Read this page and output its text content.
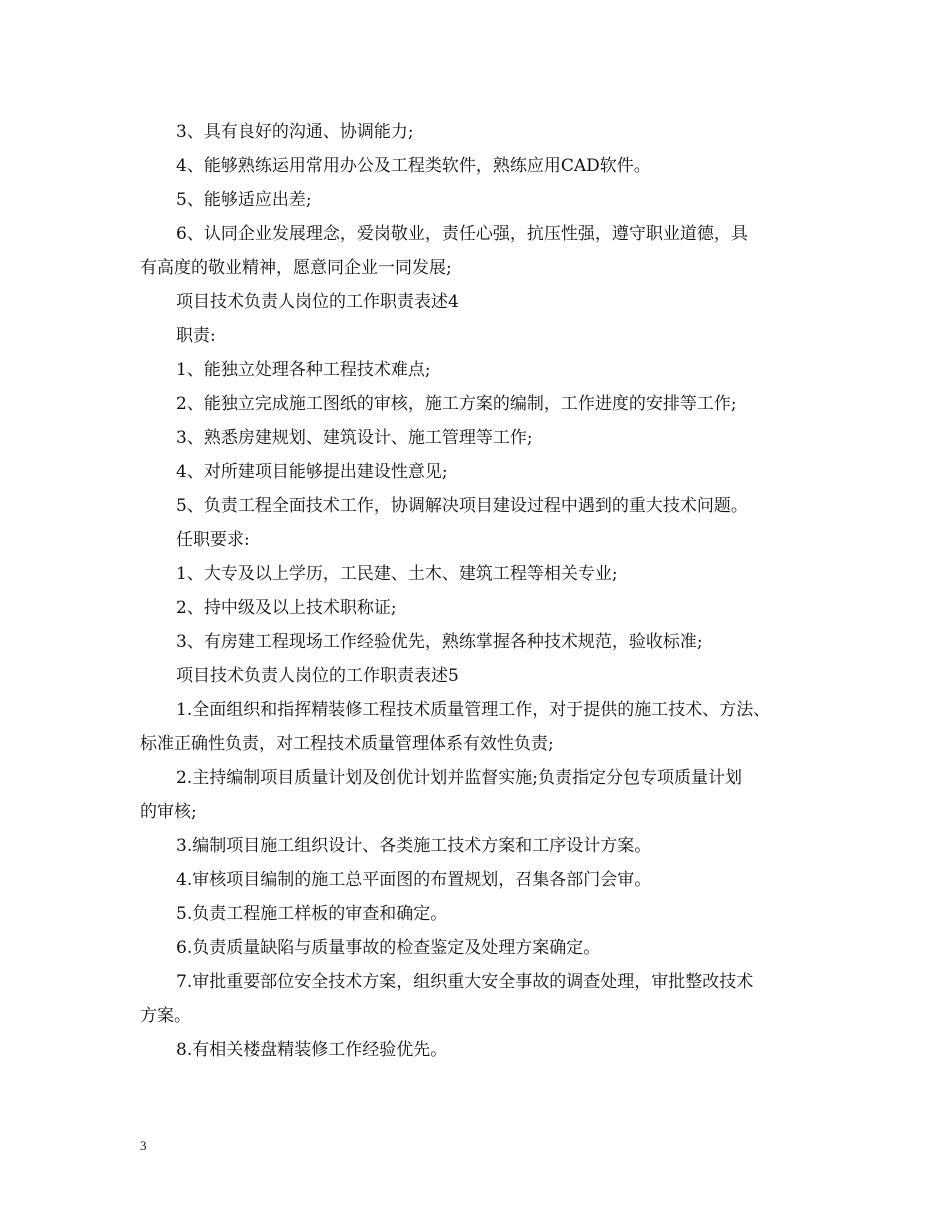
3、具有良好的沟通、协调能力;
4、能够熟练运用常用办公及工程类软件，熟练应用CAD软件。
5、能够适应出差;
6、认同企业发展理念，爱岗敬业，责任心强，抗压性强，遵守职业道德，具
有高度的敬业精神，愿意同企业一同发展;
项目技术负责人岗位的工作职责表述4
职责:
1、能独立处理各种工程技术难点;
2、能独立完成施工图纸的审核，施工方案的编制，工作进度的安排等工作;
3、熟悉房建规划、建筑设计、施工管理等工作;
4、对所建项目能够提出建设性意见;
5、负责工程全面技术工作，协调解决项目建设过程中遇到的重大技术问题。
任职要求:
1、大专及以上学历，工民建、土木、建筑工程等相关专业;
2、持中级及以上技术职称证;
3、有房建工程现场工作经验优先，熟练掌握各种技术规范，验收标准;
项目技术负责人岗位的工作职责表述5
1.全面组织和指挥精装修工程技术质量管理工作，对于提供的施工技术、方法、
标准正确性负责，对工程技术质量管理体系有效性负责;
2.主持编制项目质量计划及创优计划并监督实施;负责指定分包专项质量计划
的审核;
3.编制项目施工组织设计、各类施工技术方案和工序设计方案。
4.审核项目编制的施工总平面图的布置规划，召集各部门会审。
5.负责工程施工样板的审查和确定。
6.负责质量缺陷与质量事故的检查鉴定及处理方案确定。
7.审批重要部位安全技术方案，组织重大安全事故的调查处理，审批整改技术
方案。
8.有相关楼盘精装修工作经验优先。
3
